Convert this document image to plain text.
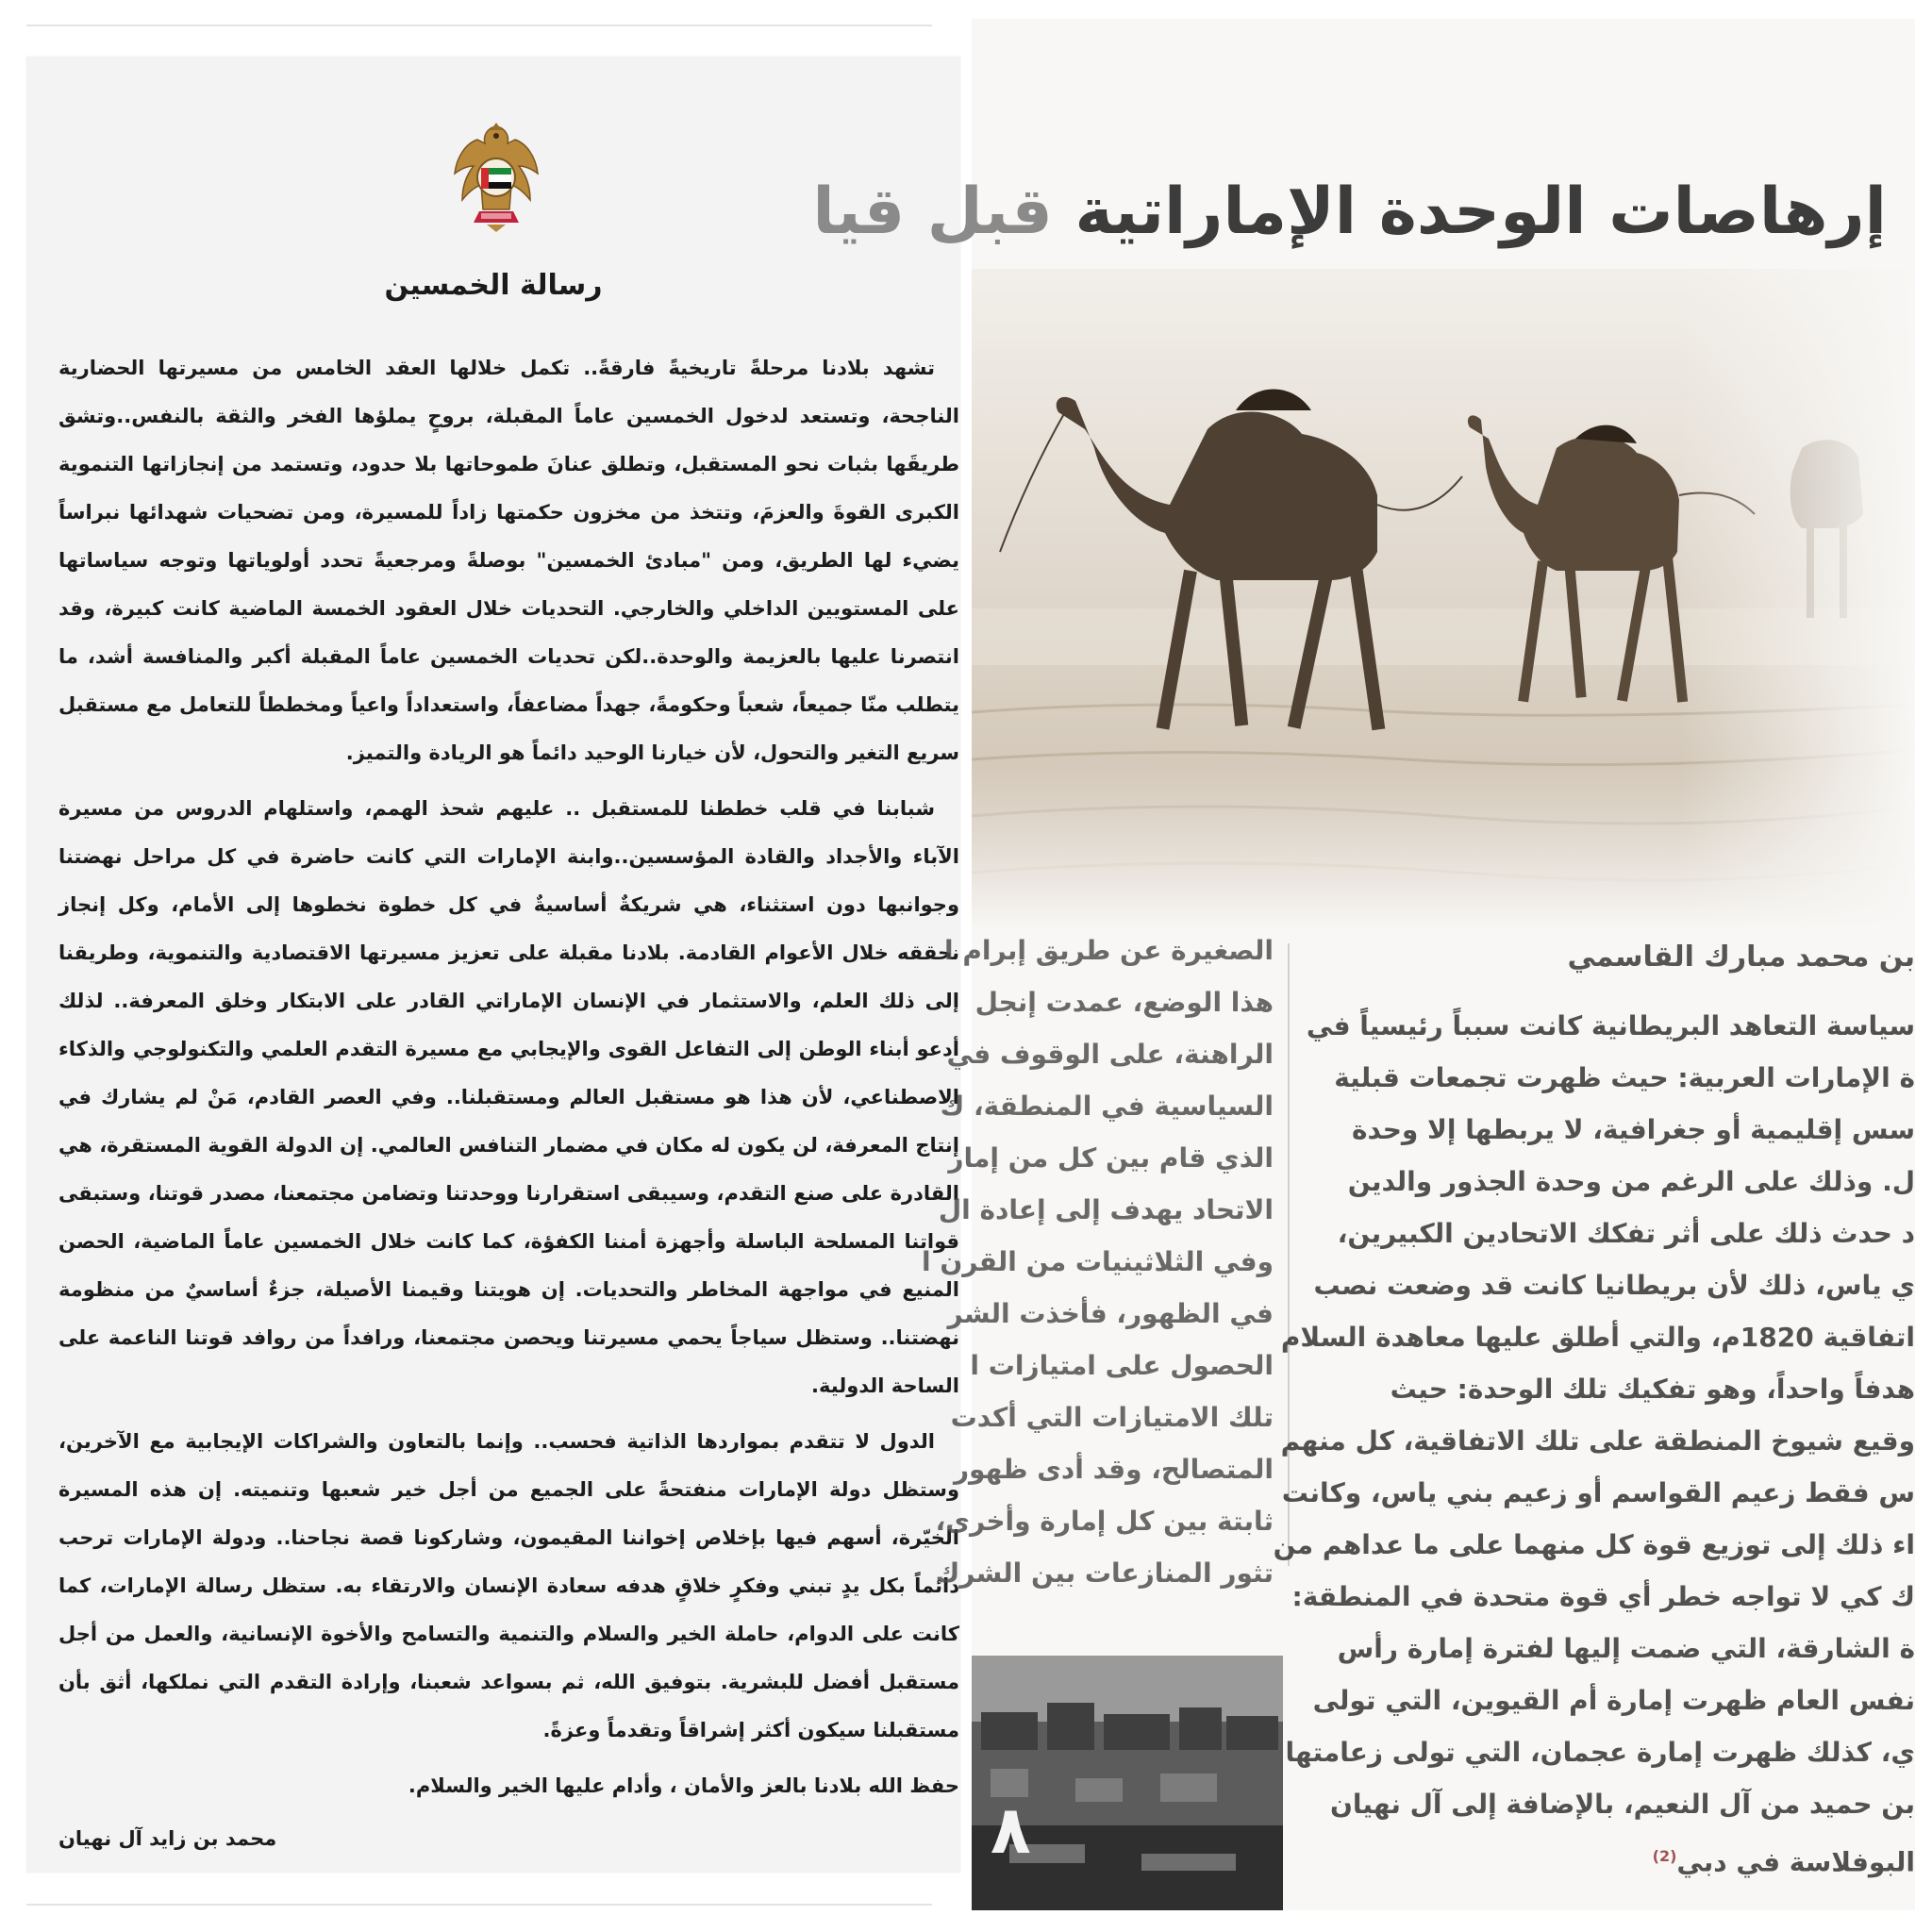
رسالة الخمسين

تشهد بلادنا مرحلةً تاريخيةً فارقةً.. تكمل خلالها العقد الخامس من مسيرتها الحضارية الناجحة، وتستعد لدخول الخمسين عاماً المقبلة، بروحٍ يملؤها الفخر والثقة بالنفس..وتشق طريقَها بثبات نحو المستقبل، وتطلق عنانَ طموحاتها بلا حدود، وتستمد من إنجازاتها التنموية الكبرى القوةَ والعزمَ، وتتخذ من مخزون حكمتها زاداً للمسيرة، ومن تضحيات شهدائها نبراساً يضيء لها الطريق، ومن "مبادئ الخمسين" بوصلةً ومرجعيةً تحدد أولوياتها وتوجه سياساتها على المستويين الداخلي والخارجي. التحديات خلال العقود الخمسة الماضية كانت كبيرة، وقد انتصرنا عليها بالعزيمة والوحدة..لكن تحديات الخمسين عاماً المقبلة أكبر والمنافسة أشد، ما يتطلب منّا جميعاً، شعباً وحكومةً، جهداً مضاعفاً، واستعداداً واعياً ومخططاً للتعامل مع مستقبل سريع التغير والتحول، لأن خيارنا الوحيد دائماً هو الريادة والتميز.

شبابنا في قلب خططنا للمستقبل .. عليهم شحذ الهمم، واستلهام الدروس من مسيرة الآباء والأجداد والقادة المؤسسين..وابنة الإمارات التي كانت حاضرة في كل مراحل نهضتنا وجوانبها دون استثناء، هي شريكةٌ أساسيةٌ في كل خطوة نخطوها إلى الأمام، وكل إنجاز نحققه خلال الأعوام القادمة. بلادنا مقبلة على تعزيز مسيرتها الاقتصادية والتنموية، وطريقنا إلى ذلك العلم، والاستثمار في الإنسان الإماراتي القادر على الابتكار وخلق المعرفة.. لذلك أدعو أبناء الوطن إلى التفاعل القوى والإيجابي مع مسيرة التقدم العلمي والتكنولوجي والذكاء الاصطناعي، لأن هذا هو مستقبل العالم ومستقبلنا.. وفي العصر القادم، مَنْ لم يشارك في إنتاج المعرفة، لن يكون له مكان في مضمار التنافس العالمي. إن الدولة القوية المستقرة، هي القادرة على صنع التقدم، وسيبقى استقرارنا ووحدتنا وتضامن مجتمعنا، مصدر قوتنا، وستبقى قواتنا المسلحة الباسلة وأجهزة أمننا الكفؤة، كما كانت خلال الخمسين عاماً الماضية، الحصن المنيع في مواجهة المخاطر والتحديات. إن هويتنا وقيمنا الأصيلة، جزءٌ أساسيٌ من منظومة نهضتنا.. وستظل سياجاً يحمي مسيرتنا ويحصن مجتمعنا، ورافداً من روافد قوتنا الناعمة على الساحة الدولية.

الدول لا تتقدم بمواردها الذاتية فحسب.. وإنما بالتعاون والشراكات الإيجابية مع الآخرين، وستظل دولة الإمارات منفتحةً على الجميع من أجل خير شعبها وتنميته. إن هذه المسيرة الخيّرة، أسهم فيها بإخلاص إخواننا المقيمون، وشاركونا قصة نجاحنا.. ودولة الإمارات ترحب دائماً بكل يدٍ تبني وفكرٍ خلاقٍ هدفه سعادة الإنسان والارتقاء به. ستظل رسالة الإمارات، كما كانت على الدوام، حاملة الخير والسلام والتنمية والتسامح والأخوة الإنسانية، والعمل من أجل مستقبل أفضل للبشرية. بتوفيق الله، ثم بسواعد شعبنا، وإرادة التقدم التي نملكها، أثق بأن مستقبلنا سيكون أكثر إشراقاً وتقدماً وعزةً.

حفظ الله بلادنا بالعز والأمان ، وأدام عليها الخير والسلام.

محمد بن زايد آل نهيان
إرهاصات الوحدة الإماراتية قبل قيا
بن محمد مبارك القاسمي
الصغيرة عن طريق إبرام ا
هذا الوضع، عمدت إنجل
الراهنة، على الوقوف في
السياسية في المنطقة، ك
الذي قام بين كل من إمار
الاتحاد يهدف إلى إعادة ال
وفي الثلاثينيات من القرن ا
في الظهور، فأخذت الشر
الحصول على امتيازات ا
تلك الامتيازات التي أكدت
المتصالح، وقد أدى ظهور
ثابتة بين كل إمارة وأخرى،
تثور المنازعات بين الشرك
سياسة التعاهد البريطانية كانت سبباً رئيسياً في
ة الإمارات العربية: حيث ظهرت تجمعات قبلية
سس إقليمية أو جغرافية، لا يربطها إلا وحدة
ل. وذلك على الرغم من وحدة الجذور والدين
د حدث ذلك على أثر تفكك الاتحادين الكبيرين،
ي ياس، ذلك لأن بريطانيا كانت قد وضعت نصب
اتفاقية 1820م، والتي أطلق عليها معاهدة السلام
هدفاً واحداً، وهو تفكيك تلك الوحدة: حيث
وقيع شيوخ المنطقة على تلك الاتفاقية، كل منهم
س فقط زعيم القواسم أو زعيم بني ياس، وكانت
اء ذلك إلى توزيع قوة كل منهما على ما عداهم من
ك كي لا تواجه خطر أي قوة متحدة في المنطقة:
ة الشارقة، التي ضمت إليها لفترة إمارة رأس
نفس العام ظهرت إمارة أم القيوين، التي تولى
ي، كذلك ظهرت إمارة عجمان، التي تولى زعامتها
بن حميد من آل النعيم، بالإضافة إلى آل نهيان
البوفلاسة في دبي$^{(2)}$
٨
